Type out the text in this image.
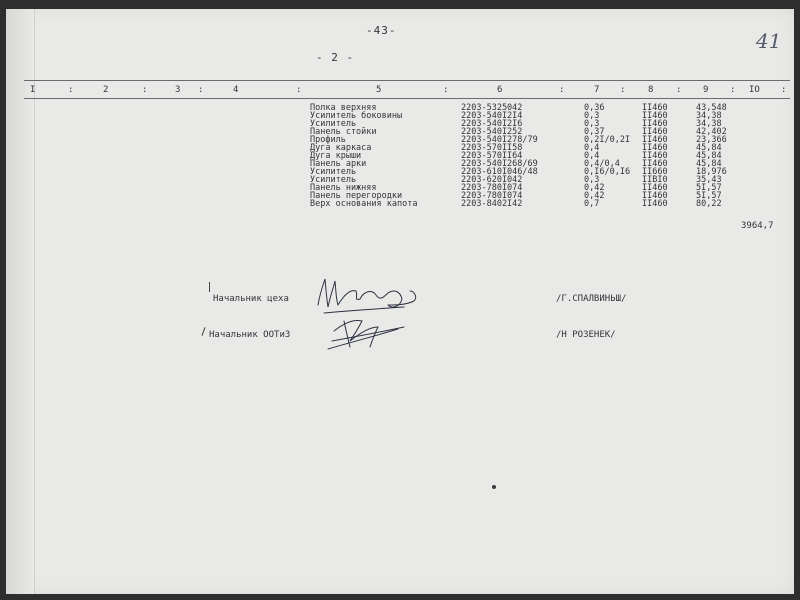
-43-	41
- 2 -
I	2	3	4	5	6	7	8	9	IO
:	:	:	:	:	:	:	:	:	:
Полка верхняя	2203-5325042	0,36	II460	43,548
Усилитель боковины	2203-540I2I4	0,3	II460	34,38
Усилитель	2203-540I2I6	0,3	II460	34,38
Панель стойки	2203-540I252	0,37	II460	42,402
Профиль	2203-540I278/79	0,2I/0,2I II460	23,366
Дуга каркаса	2203-570II58	0,4	II460	45,84
Дуга крыши	2203-570II64	0,4	II460	45,84
Панель арки	2203-540I268/69	0,4/0,4	II460	45,84
Усилитель	2203-610I046/48	0,I6/0,I6 II660	18,976
Усилитель	2203-620I042	0,3	IIBI0	35,43
Панель нижняя	2203-780I074	0,42	II460	5I,57
Панель перегородки	2203-780I074	0,42	II460	5I,57
Верх основания капота	2203-8402I42	0,7	II460	80,22
3964,7
Начальник цеха	/Г.СПАЛВИНЬШ/
Начальник ООТиЗ	/Н РОЗЕНЕК/
